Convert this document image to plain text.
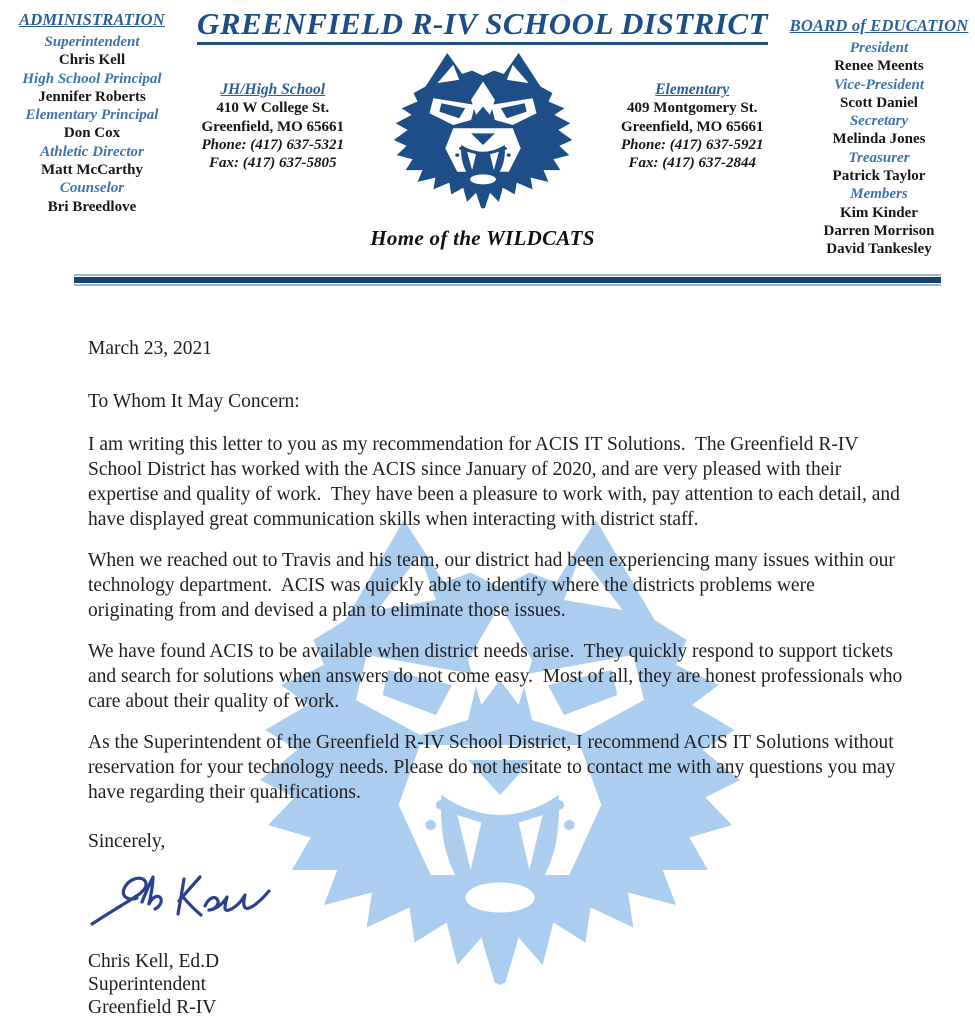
ADMINISTRATION
Superintendent
Chris Kell
High School Principal
Jennifer Roberts
Elementary Principal
Don Cox
Athletic Director
Matt McCarthy
Counselor
Bri Breedlove
GREENFIELD R-IV SCHOOL DISTRICT
JH/High School
410 W College St.
Greenfield, MO 65661
Phone: (417) 637-5321
Fax: (417) 637-5805
Elementary
409 Montgomery St.
Greenfield, MO 65661
Phone: (417) 637-5921
Fax: (417) 637-2844
Home of the WILDCATS
BOARD of EDUCATION
President
Renee Meents
Vice-President
Scott Daniel
Secretary
Melinda Jones
Treasurer
Patrick Taylor
Members
Kim Kinder
Darren Morrison
David Tankesley
March 23, 2021
To Whom It May Concern:

I am writing this letter to you as my recommendation for ACIS IT Solutions.  The Greenfield R-IV School District has worked with the ACIS since January of 2020, and are very pleased with their expertise and quality of work.  They have been a pleasure to work with, pay attention to each detail, and have displayed great communication skills when interacting with district staff.

When we reached out to Travis and his team, our district had been experiencing many issues within our technology department.  ACIS was quickly able to identify where the districts problems were originating from and devised a plan to eliminate those issues.

We have found ACIS to be available when district needs arise.  They quickly respond to support tickets and search for solutions when answers do not come easy.  Most of all, they are honest professionals who care about their quality of work.

As the Superintendent of the Greenfield R-IV School District, I recommend ACIS IT Solutions without reservation for your technology needs. Please do not hesitate to contact me with any questions you may have regarding their qualifications.

Sincerely,
Chris Kell, Ed.D
Superintendent
Greenfield R-IV
